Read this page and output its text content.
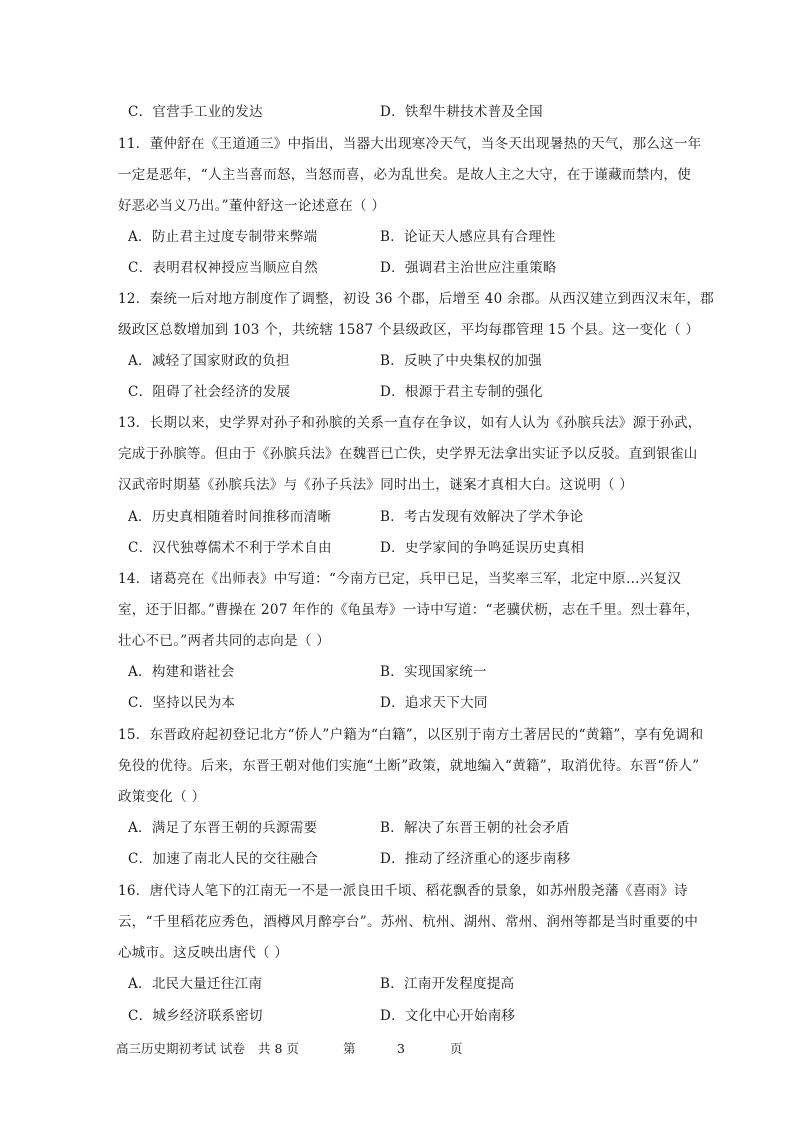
C．官营手工业的发达	D．铁犁牛耕技术普及全国
11．董仲舒在《王道通三》中指出，当器大出现寒冷天气，当冬天出现暑热的天气，那么这一年
一定是恶年，“人主当喜而怒，当怒而喜，必为乱世矣。是故人主之大守，在于谨藏而禁内，使
好恶必当义乃出。”董仲舒这一论述意在（ ）
A．防止君主过度专制带来弊端	B．论证天人感应具有合理性
C．表明君权神授应当顺应自然	D．强调君主治世应注重策略
12．秦统一后对地方制度作了调整，初设 36 个郡，后增至 40 余郡。从西汉建立到西汉末年，郡
级政区总数增加到 103 个，共统辖 1587 个县级政区，平均每郡管理 15 个县。这一变化（ ）
A．减轻了国家财政的负担	B．反映了中央集权的加强
C．阻碍了社会经济的发展	D．根源于君主专制的强化
13．长期以来，史学界对孙子和孙膑的关系一直存在争议，如有人认为《孙膑兵法》源于孙武，
完成于孙膑等。但由于《孙膑兵法》在魏晋已亡佚，史学界无法拿出实证予以反驳。直到银雀山
汉武帝时期墓《孙膑兵法》与《孙子兵法》同时出土，谜案才真相大白。这说明（ ）
A．历史真相随着时间推移而清晰	B．考古发现有效解决了学术争论
C．汉代独尊儒术不利于学术自由	D．史学家间的争鸣延误历史真相
14．诸葛亮在《出师表》中写道：“今南方已定，兵甲已足，当奖率三军，北定中原…兴复汉
室，还于旧都。”曹操在 207 年作的《龟虽寿》一诗中写道：“老骥伏枥，志在千里。烈士暮年，
壮心不已。”两者共同的志向是（ ）
A．构建和谐社会	B．实现国家统一
C．坚持以民为本	D．追求天下大同
15．东晋政府起初登记北方“侨人”户籍为“白籍”，以区别于南方土著居民的“黄籍”，享有免调和
免役的优待。后来，东晋王朝对他们实施“土断”政策，就地编入“黄籍”，取消优待。东晋“侨人”
政策变化（ ）
A．满足了东晋王朝的兵源需要	B．解决了东晋王朝的社会矛盾
C．加速了南北人民的交往融合	D．推动了经济重心的逐步南移
16．唐代诗人笔下的江南无一不是一派良田千顷、稻花飘香的景象，如苏州殷尧藩《喜雨》诗
云，“千里稻花应秀色，酒樽风月醉亭台”。苏州、杭州、湖州、常州、润州等都是当时重要的中
心城市。这反映出唐代（ ）
A．北民大量迁往江南	B．江南开发程度提高
C．城乡经济联系密切	D．文化中心开始南移
高三历史期初考试 试卷 共 8 页	第	3	页
